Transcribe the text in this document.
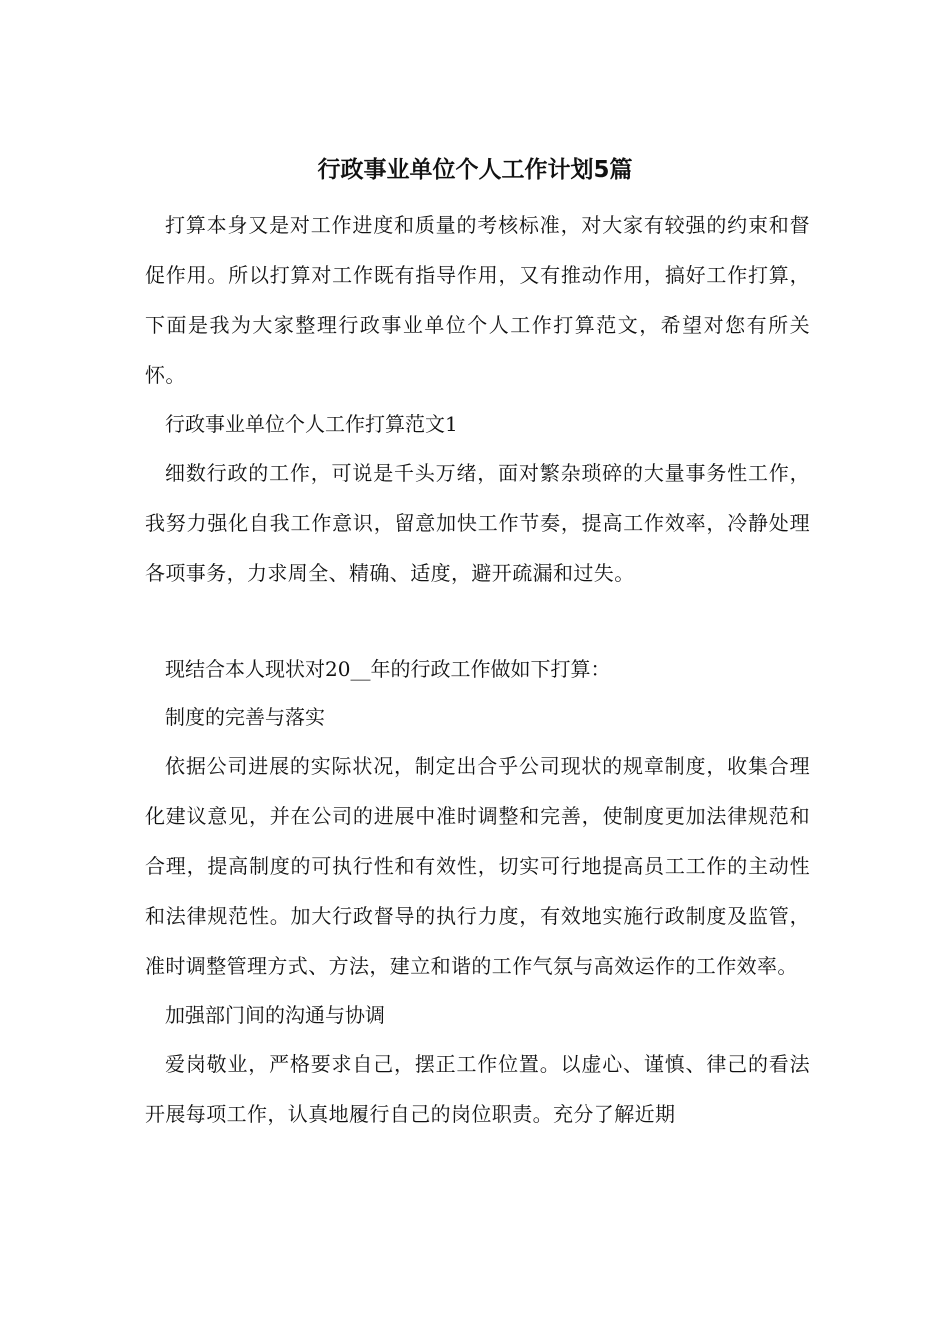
行政事业单位个人工作计划5篇

打算本身又是对工作进度和质量的考核标准，对大家有较强的约束和督促作用。所以打算对工作既有指导作用，又有推动作用，搞好工作打算，下面是我为大家整理行政事业单位个人工作打算范文，希望对您有所关怀。

行政事业单位个人工作打算范文1

细数行政的工作，可说是千头万绪，面对繁杂琐碎的大量事务性工作，我努力强化自我工作意识，留意加快工作节奏，提高工作效率，冷静处理各项事务，力求周全、精确、适度，避开疏漏和过失。

现结合本人现状对20__年的行政工作做如下打算：

制度的完善与落实

依据公司进展的实际状况，制定出合乎公司现状的规章制度，收集合理化建议意见，并在公司的进展中准时调整和完善，使制度更加法律规范和合理，提高制度的可执行性和有效性，切实可行地提高员工工作的主动性和法律规范性。加大行政督导的执行力度，有效地实施行政制度及监管，准时调整管理方式、方法，建立和谐的工作气氛与高效运作的工作效率。

加强部门间的沟通与协调

爱岗敬业，严格要求自己，摆正工作位置。以虚心、谨慎、律己的看法开展每项工作，认真地履行自己的岗位职责。充分了解近期
